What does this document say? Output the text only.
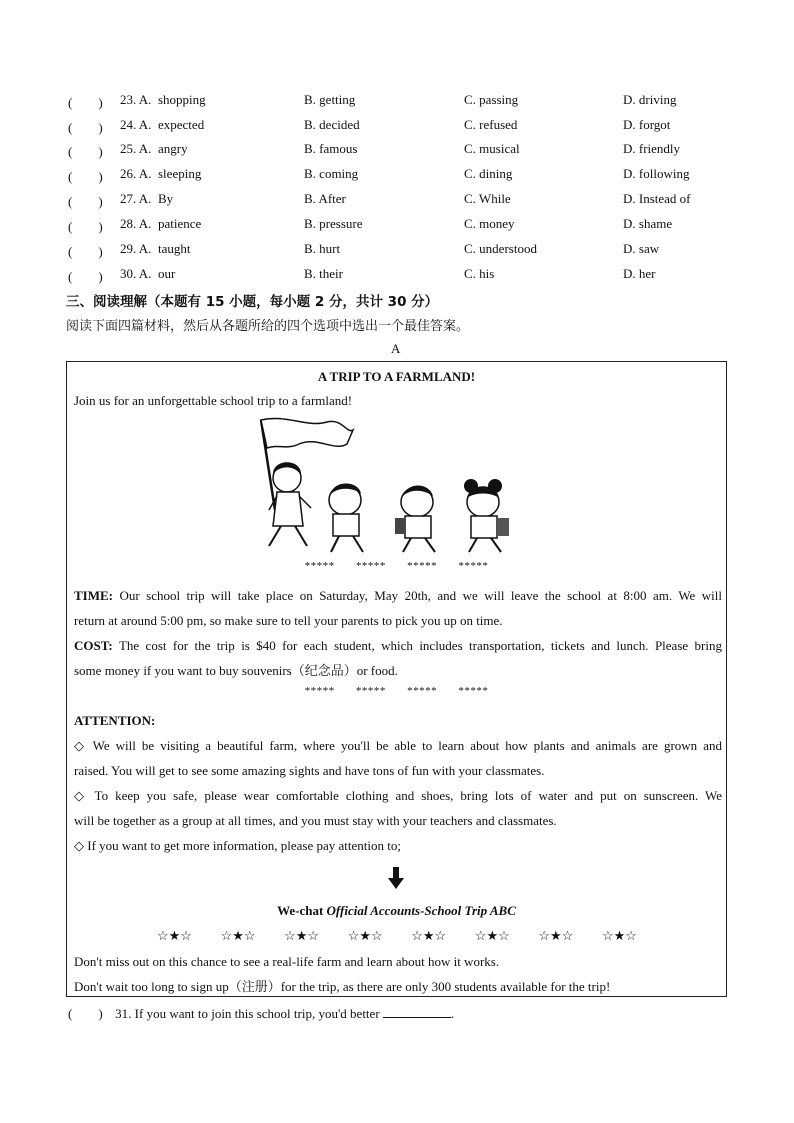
(　　) 23. A. shopping	B. getting	C. passing	D. driving
(　　) 24. A. expected	B. decided	C. refused	D. forgot
(　　) 25. A. angry	B. famous	C. musical	D. friendly
(　　) 26. A. sleeping	B. coming	C. dining	D. following
(　　) 27. A. By	B. After	C. While	D. Instead of
(　　) 28. A. patience	B. pressure	C. money	D. shame
(　　) 29. A. taught	B. hurt	C. understood	D. saw
(　　) 30. A. our	B. their	C. his	D. her
三、阅读理解（本题有 15 小题，每小题 2 分，共计 30 分）
阅读下面四篇材料，然后从各题所给的四个选项中选出一个最佳答案。
A
A TRIP TO A FARMLAND!
Join us for an unforgettable school trip to a farmland!
***** ***** ***** *****
TIME: Our school trip will take place on Saturday, May 20th, and we will leave the school at 8:00 am. We will
return at around 5:00 pm, so make sure to tell your parents to pick you up on time.
COST: The cost for the trip is $40 for each student, which includes transportation, tickets and lunch. Please bring
some money if you want to buy souvenirs（纪念品）or food.
***** ***** ***** *****
ATTENTION:
◇ We will be visiting a beautiful farm, where you'll be able to learn about how plants and animals are grown and
raised. You will get to see some amazing sights and have tons of fun with your classmates.
◇ To keep you safe, please wear comfortable clothing and shoes, bring lots of water and put on sunscreen. We
will be together as a group at all times, and you must stay with your teachers and classmates.
◇ If you want to get more information, please pay attention to;
We-chat Official Accounts-School Trip ABC
☆★☆ ☆★☆ ☆★☆ ☆★☆ ☆★☆ ☆★☆ ☆★☆ ☆★☆
Don't miss out on this chance to see a real-life farm and learn about how it works.
Don't wait too long to sign up（注册）for the trip, as there are only 300 students available for the trip!
(　　) 31. If you want to join this school trip, you'd better	.
